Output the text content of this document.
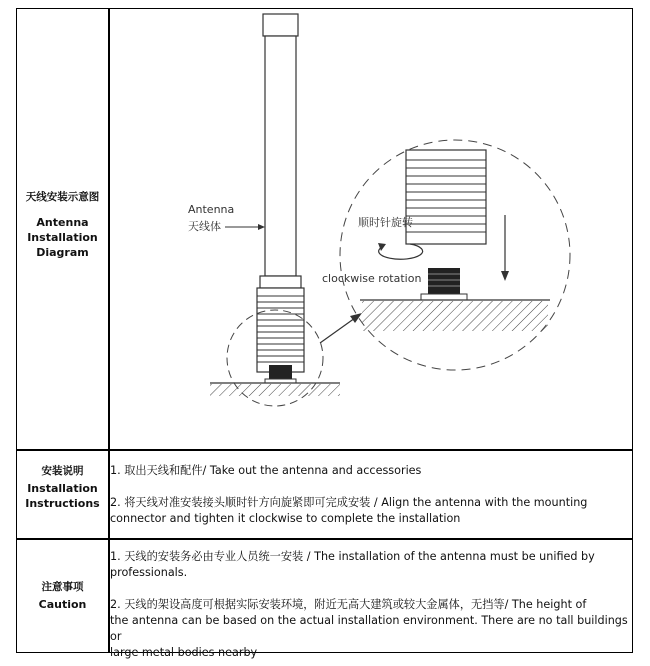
天线安装示意图
Antenna
Installation
Diagram
Antenna
天线体	顺时针旋转
clockwise rotation
安装说明
Installation
Instructions

1. 取出天线和配件/ Take out the antenna and accessories

2. 将天线对准安装接头顺时针方向旋紧即可完成安装 / Align the antenna with the mounting

connector and tighten it clockwise to complete the installation

注意事项
Caution

1. 天线的安装务必由专业人员统一安装 / The installation of the antenna must be unified by

professionals.

2. 天线的架设高度可根据实际安装环境，附近无高大建筑或较大金属体，无挡等/ The height of

the antenna can be based on the actual installation environment. There are no tall buildings or

large metal bodies nearby
